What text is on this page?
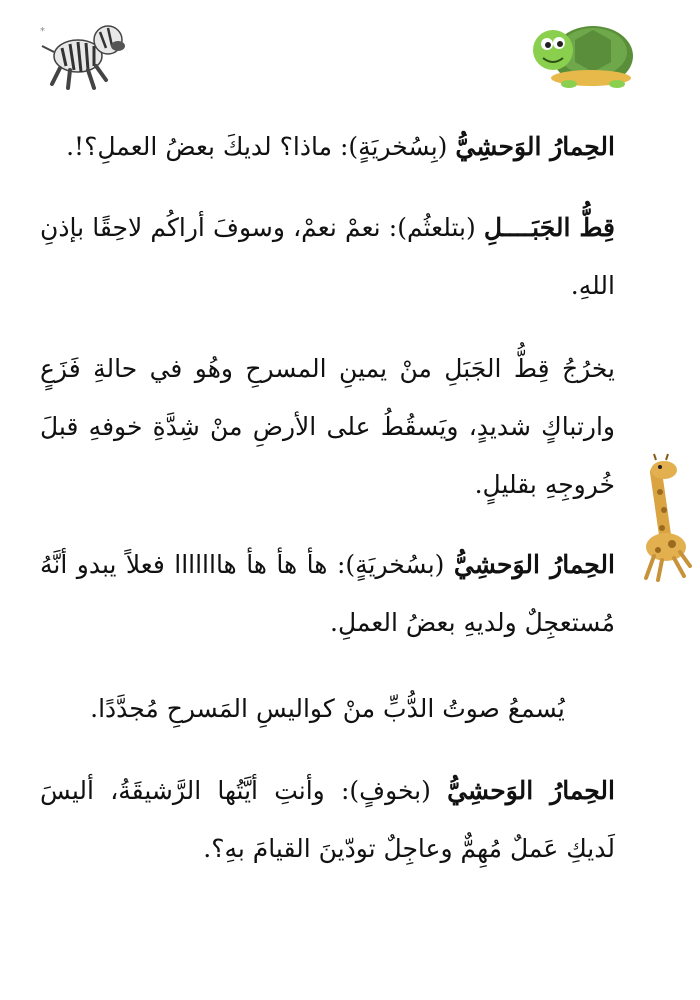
*
الحِمارُ الوَحشِيُّ (بِسُخريَةٍ): ماذا؟ لديكَ بعضُ العملِ؟!.
قِطُّ الجَبَــــلِ (بتلعثُم): نعمْ نعمْ، وسوفَ أراكُم لاحِقًا بإذنِ اللهِ.
يخرُجُ قِطُّ الجَبَلِ منْ يمينِ المسرحِ وهُو في حالةِ فَزَعٍ وارتباكٍ شديدٍ، ويَسقُطُ على الأرضِ منْ شِدَّةِ خوفهِ قبلَ خُروجِهِ بقليلٍ.
الحِمارُ الوَحشِيُّ (بسُخريَةٍ): هأ هأ هأ هااااااا فعلاً يبدو أنَّهُ مُستعجِلٌ ولديهِ بعضُ العملِ.
يُسمعُ صوتُ الدُّبِّ منْ كواليسِ المَسرحِ مُجدَّدًا.
الحِمارُ الوَحشِيُّ (بخوفٍ): وأنتِ أيَّتُها الرَّشيقَةُ، أليسَ لَديكِ عَملٌ مُهِمٌّ وعاجِلٌ تودّينَ القيامَ بهِ؟.
